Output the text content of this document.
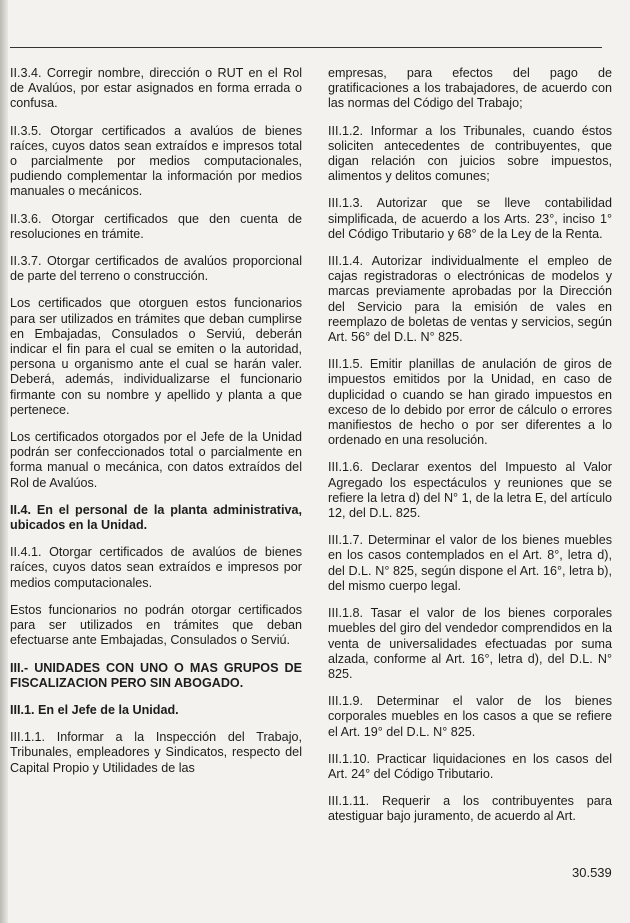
II.3.4. Corregir nombre, dirección o RUT en el Rol de Avalúos, por estar asignados en forma errada o confusa.

II.3.5. Otorgar certificados a avalúos de bienes raíces, cuyos datos sean extraídos e impresos total o parcialmente por medios computacionales, pudiendo complementar la información por medios manuales o mecánicos.

II.3.6. Otorgar certificados que den cuenta de resoluciones en trámite.

II.3.7. Otorgar certificados de avalúos proporcional de parte del terreno o construcción.

Los certificados que otorguen estos funcionarios para ser utilizados en trámites que deban cumplirse en Embajadas, Consulados o Serviú, deberán indicar el fin para el cual se emiten o la autoridad, persona u organismo ante el cual se harán valer. Deberá, además, individualizarse el funcionario firmante con su nombre y apellido y planta a que pertenece.

Los certificados otorgados por el Jefe de la Unidad podrán ser confeccionados total o parcialmente en forma manual o mecánica, con datos extraídos del Rol de Avalúos.

II.4. En el personal de la planta administrativa, ubicados en la Unidad.

II.4.1. Otorgar certificados de avalúos de bienes raíces, cuyos datos sean extraídos e impresos por medios computacionales.

Estos funcionarios no podrán otorgar certificados para ser utilizados en trámites que deban efectuarse ante Embajadas, Consulados o Serviú.

III.- UNIDADES CON UNO O MAS GRUPOS DE FISCALIZACION PERO SIN ABOGADO.

III.1. En el Jefe de la Unidad.

III.1.1. Informar a la Inspección del Trabajo, Tribunales, empleadores y Sindicatos, respecto del Capital Propio y Utilidades de las

empresas, para efectos del pago de gratificaciones a los trabajadores, de acuerdo con las normas del Código del Trabajo;

III.1.2. Informar a los Tribunales, cuando éstos soliciten antecedentes de contribuyentes, que digan relación con juicios sobre impuestos, alimentos y delitos comunes;

III.1.3. Autorizar que se lleve contabilidad simplificada, de acuerdo a los Arts. 23°, inciso 1° del Código Tributario y 68° de la Ley de la Renta.

III.1.4. Autorizar individualmente el empleo de cajas registradoras o electrónicas de modelos y marcas previamente aprobadas por la Dirección del Servicio para la emisión de vales en reemplazo de boletas de ventas y servicios, según Art. 56° del D.L. N° 825.

III.1.5. Emitir planillas de anulación de giros de impuestos emitidos por la Unidad, en caso de duplicidad o cuando se han girado impuestos en exceso de lo debido por error de cálculo o errores manifiestos de hecho o por ser diferentes a lo ordenado en una resolución.

III.1.6. Declarar exentos del Impuesto al Valor Agregado los espectáculos y reuniones que se refiere la letra d) del N° 1, de la letra E, del artículo 12, del D.L. 825.

III.1.7. Determinar el valor de los bienes muebles en los casos contemplados en el Art. 8°, letra d), del D.L. N° 825, según dispone el Art. 16°, letra b), del mismo cuerpo legal.

III.1.8. Tasar el valor de los bienes corporales muebles del giro del vendedor comprendidos en la venta de universalidades efectuadas por suma alzada, conforme al Art. 16°, letra d), del D.L. N° 825.

III.1.9. Determinar el valor de los bienes corporales muebles en los casos a que se refiere el Art. 19° del D.L. N° 825.

III.1.10. Practicar liquidaciones en los casos del Art. 24° del Código Tributario.

III.1.11. Requerir a los contribuyentes para atestiguar bajo juramento, de acuerdo al Art.

30.539
